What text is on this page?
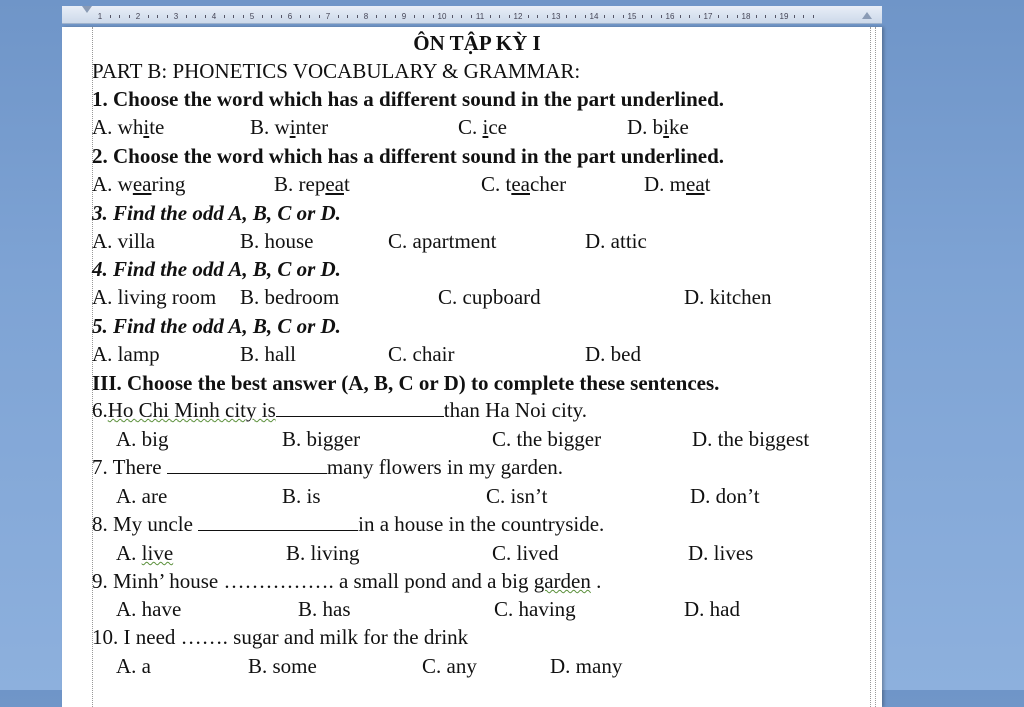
1	2	3	4	5	6	7	8	9	10	11	12	13	14	15	16	17	18	19
ÔN TẬP KỲ I
PART B: PHONETICS VOCABULARY & GRAMMAR:
1. Choose the word which has a different sound in the part underlined.
A. white	B. winter	C. ice	D. bike
2. Choose the word which has a different sound in the part underlined.
A. wearing	B. repeat	C. teacher	D. meat
3. Find the odd A, B, C or D.
A. villa	B. house	C. apartment	D. attic
4. Find the odd A, B, C or D.
A. living room B. bedroom	C. cupboard	D. kitchen
5. Find the odd A, B, C or D.
A. lamp	B. hall	C. chair	D. bed
III. Choose the best answer (A, B, C or D) to complete these sentences.
6.Ho Chi Minh city is	than Ha Noi city.
A. big	B. bigger	C. the bigger	D. the biggest
7. There	many flowers in my garden.
A. are	B. is	C. isn’t	D. don’t
8. My uncle	in a house in the countryside.
A. live	B. living	C. lived	D. lives
9. Minh’ house ……………. a small pond and a big garden .
A. have	B. has	C. having	D. had
10. I need ……. sugar and milk for the drink
A. a	B. some	C. any	D. many
